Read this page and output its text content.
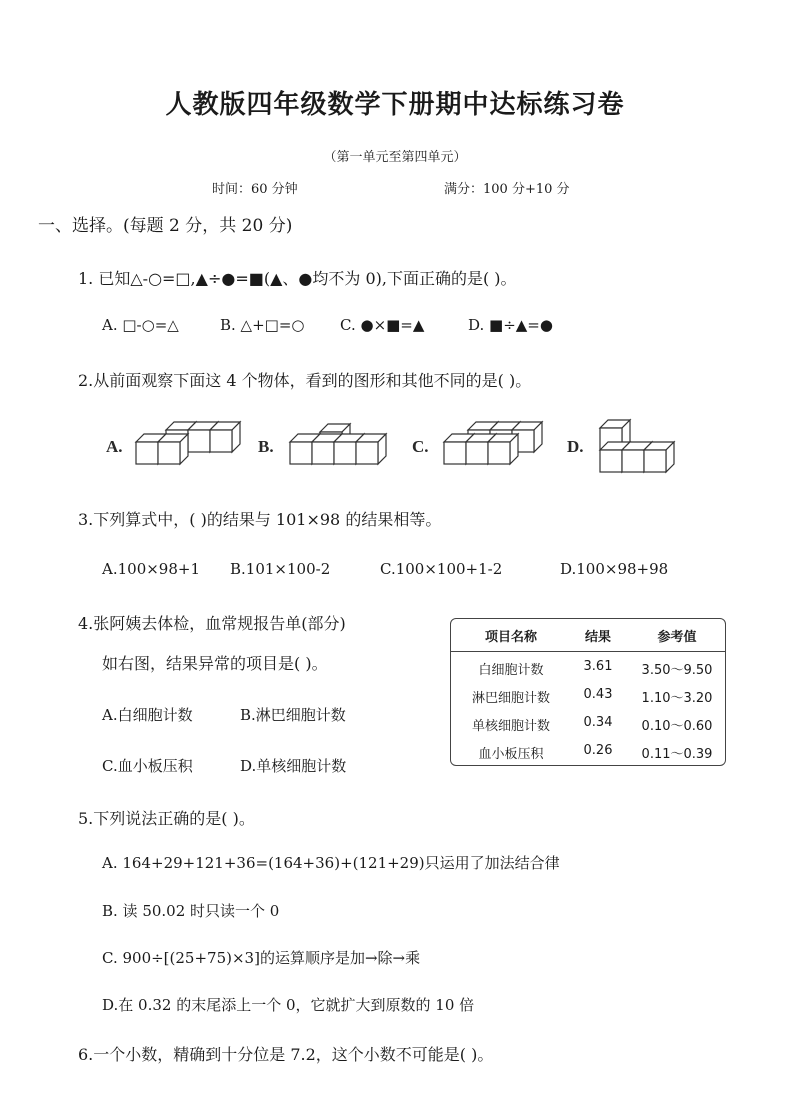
人教版四年级数学下册期中达标练习卷
（第一单元至第四单元）
时间：60 分钟	满分：100 分+10 分
一、选择。(每题 2 分，共 20 分)
1. 已知△-○=□,▲÷●=■(▲、●均不为 0),下面正确的是( )。
A. □-○=△	B. △+□=○ C. ●×■=▲	D. ■÷▲=●
2.从前面观察下面这 4 个物体，看到的图形和其他不同的是( )。
A.	B.	C.	D.
3.下列算式中，( )的结果与 101×98 的结果相等。
A.100×98+1 B.101×100-2	C.100×100+1-2	D.100×98+98
4.张阿姨去体检，血常规报告单(部分)
如右图，结果异常的项目是( )。
A.白细胞计数	B.淋巴细胞计数
C.血小板压积	D.单核细胞计数
项目名称	结果	参考值
白细胞计数	3.61	3.50～9.50
淋巴细胞计数	0.43	1.10～3.20
单核细胞计数	0.34	0.10～0.60
血小板压积	0.26	0.11～0.39
5.下列说法正确的是( )。
A. 164+29+121+36=(164+36)+(121+29)只运用了加法结合律
B. 读 50.02 时只读一个 0
C. 900÷[(25+75)×3]的运算顺序是加→除→乘
D.在 0.32 的末尾添上一个 0，它就扩大到原数的 10 倍
6.一个小数，精确到十分位是 7.2，这个小数不可能是( )。
